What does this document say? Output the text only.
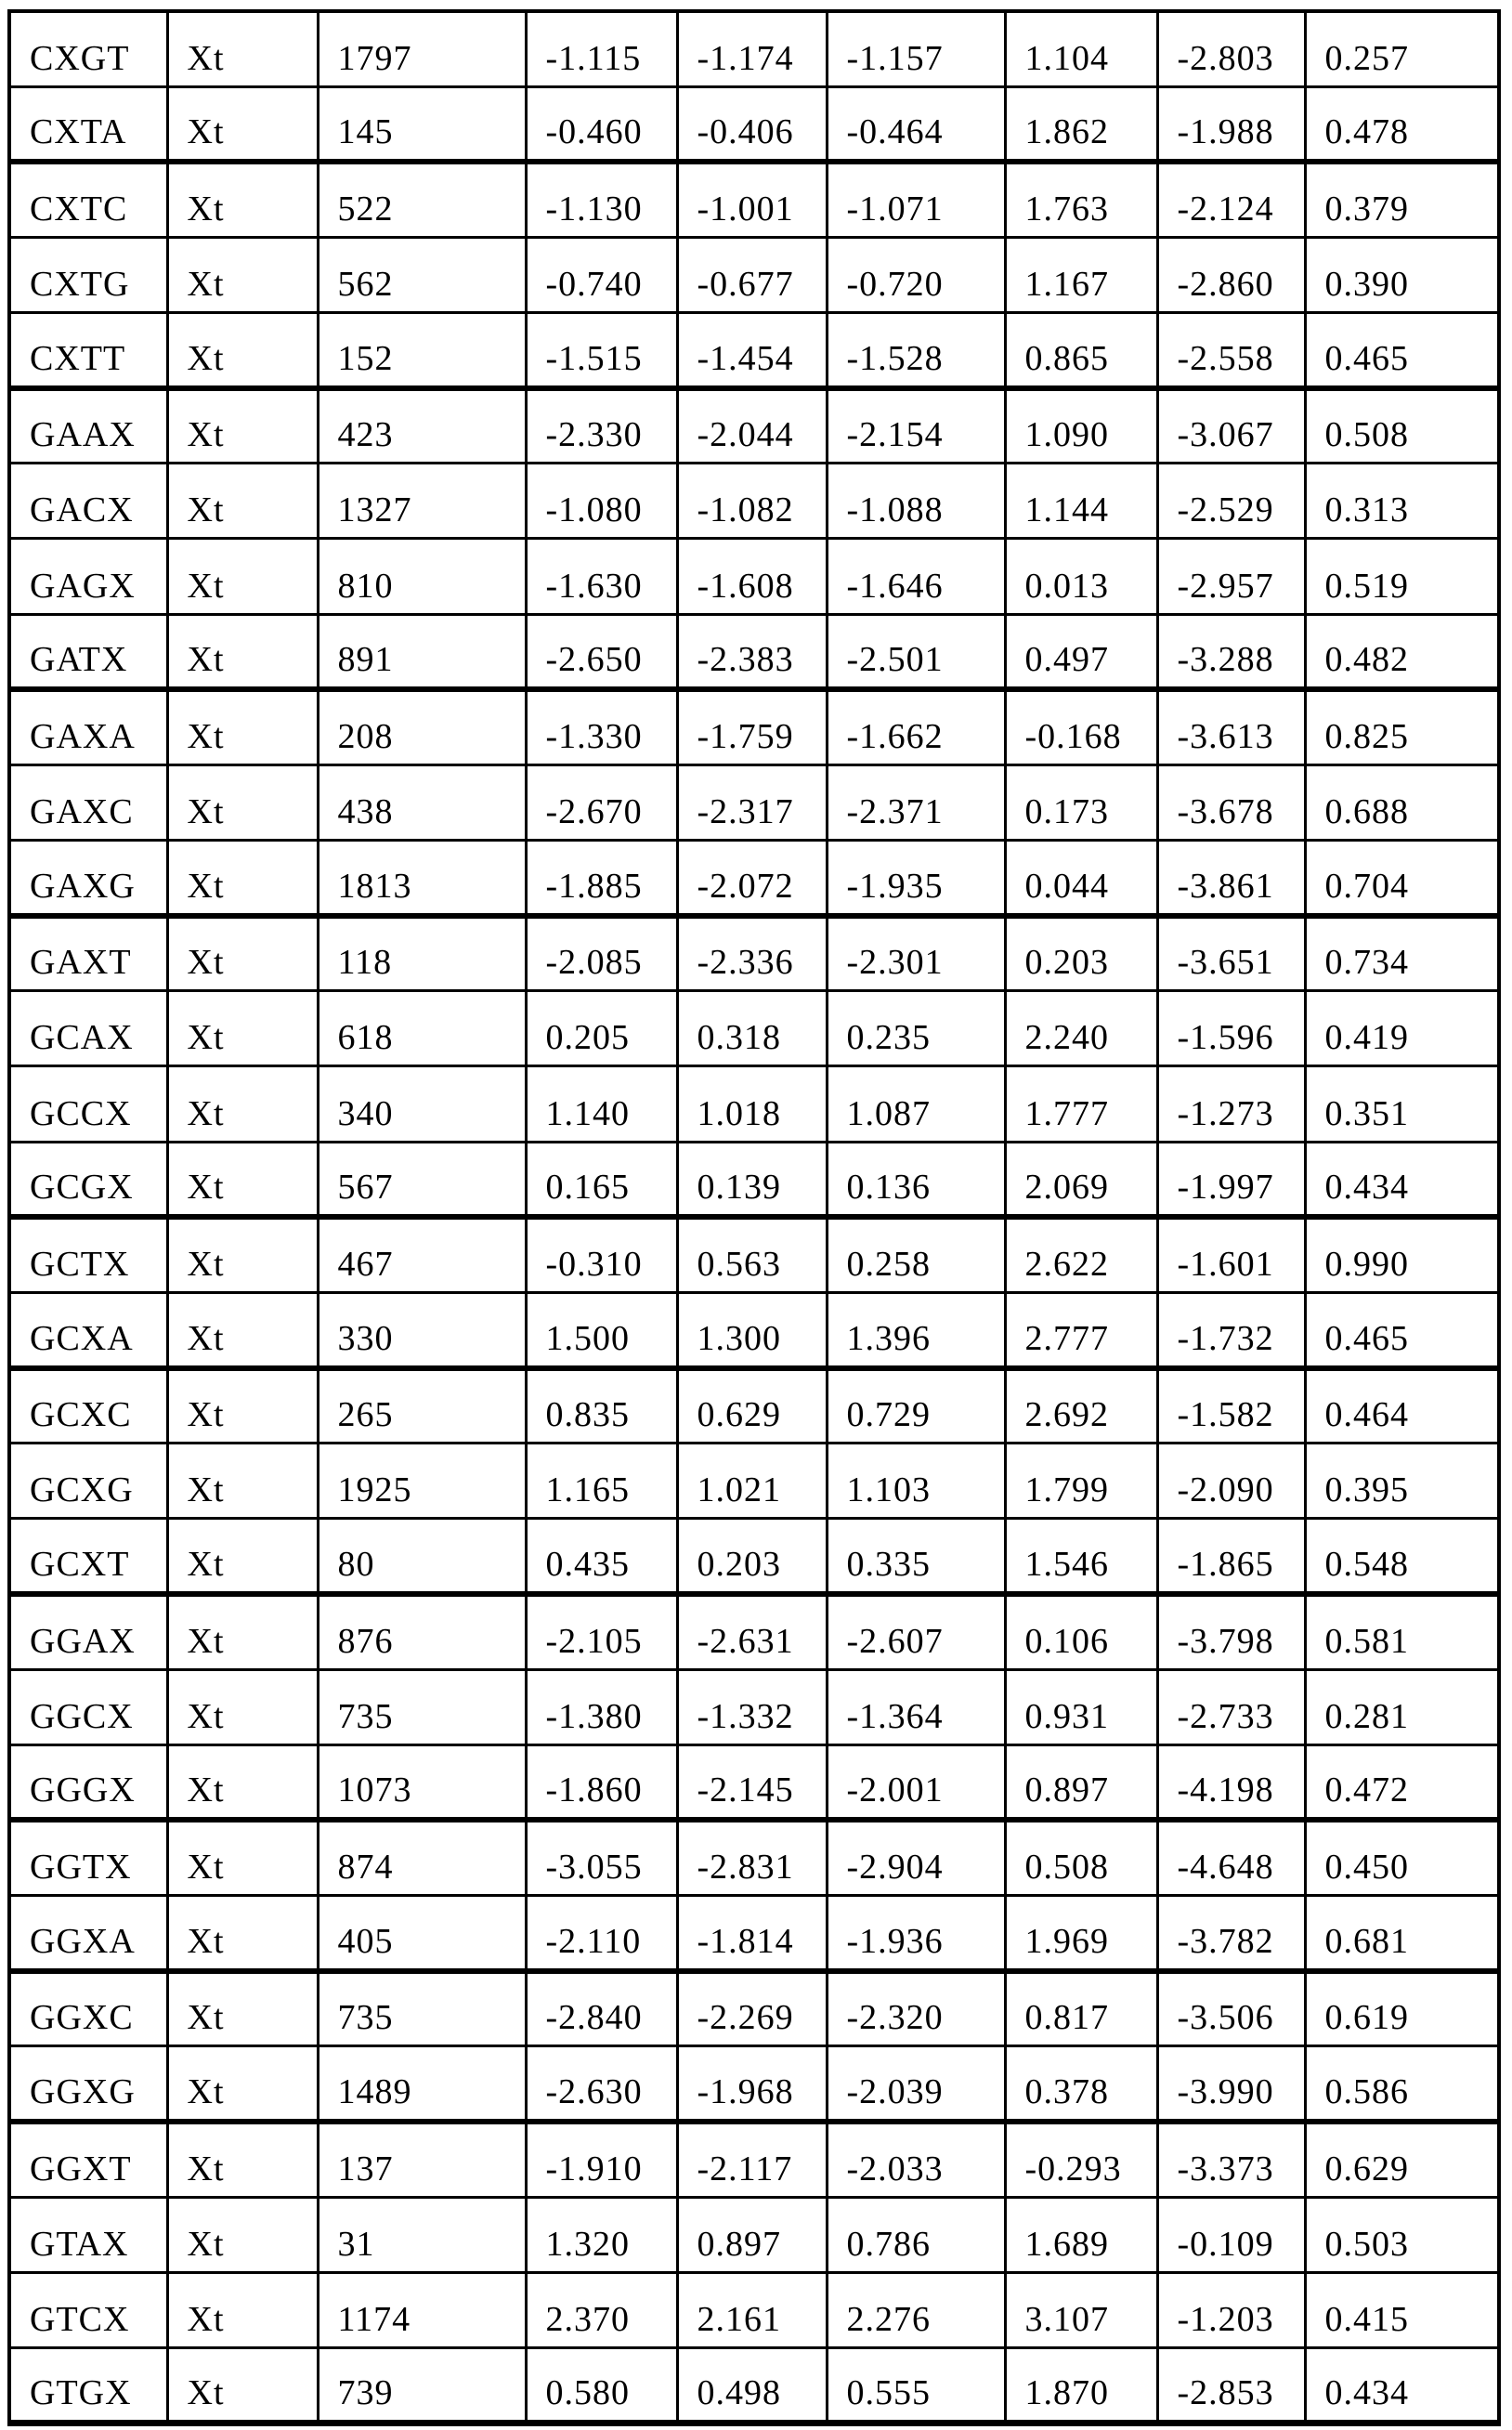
CXGT	Xt	1797	-1.115	-1.174	-1.157	1.104	-2.803	0.257
CXTA	Xt	145	-0.460	-0.406	-0.464	1.862	-1.988	0.478
CXTC	Xt	522	-1.130	-1.001	-1.071	1.763	-2.124	0.379
CXTG	Xt	562	-0.740	-0.677	-0.720	1.167	-2.860	0.390
CXTT	Xt	152	-1.515	-1.454	-1.528	0.865	-2.558	0.465
GAAX	Xt	423	-2.330	-2.044	-2.154	1.090	-3.067	0.508
GACX	Xt	1327	-1.080	-1.082	-1.088	1.144	-2.529	0.313
GAGX	Xt	810	-1.630	-1.608	-1.646	0.013	-2.957	0.519
GATX	Xt	891	-2.650	-2.383	-2.501	0.497	-3.288	0.482
GAXA	Xt	208	-1.330	-1.759	-1.662	-0.168	-3.613	0.825
GAXC	Xt	438	-2.670	-2.317	-2.371	0.173	-3.678	0.688
GAXG	Xt	1813	-1.885	-2.072	-1.935	0.044	-3.861	0.704
GAXT	Xt	118	-2.085	-2.336	-2.301	0.203	-3.651	0.734
GCAX	Xt	618	0.205	0.318	0.235	2.240	-1.596	0.419
GCCX	Xt	340	1.140	1.018	1.087	1.777	-1.273	0.351
GCGX	Xt	567	0.165	0.139	0.136	2.069	-1.997	0.434
GCTX	Xt	467	-0.310	0.563	0.258	2.622	-1.601	0.990
GCXA	Xt	330	1.500	1.300	1.396	2.777	-1.732	0.465
GCXC	Xt	265	0.835	0.629	0.729	2.692	-1.582	0.464
GCXG	Xt	1925	1.165	1.021	1.103	1.799	-2.090	0.395
GCXT	Xt	80	0.435	0.203	0.335	1.546	-1.865	0.548
GGAX	Xt	876	-2.105	-2.631	-2.607	0.106	-3.798	0.581
GGCX	Xt	735	-1.380	-1.332	-1.364	0.931	-2.733	0.281
GGGX	Xt	1073	-1.860	-2.145	-2.001	0.897	-4.198	0.472
GGTX	Xt	874	-3.055	-2.831	-2.904	0.508	-4.648	0.450
GGXA	Xt	405	-2.110	-1.814	-1.936	1.969	-3.782	0.681
GGXC	Xt	735	-2.840	-2.269	-2.320	0.817	-3.506	0.619
GGXG	Xt	1489	-2.630	-1.968	-2.039	0.378	-3.990	0.586
GGXT	Xt	137	-1.910	-2.117	-2.033	-0.293	-3.373	0.629
GTAX	Xt	31	1.320	0.897	0.786	1.689	-0.109	0.503
GTCX	Xt	1174	2.370	2.161	2.276	3.107	-1.203	0.415
GTGX	Xt	739	0.580	0.498	0.555	1.870	-2.853	0.434
